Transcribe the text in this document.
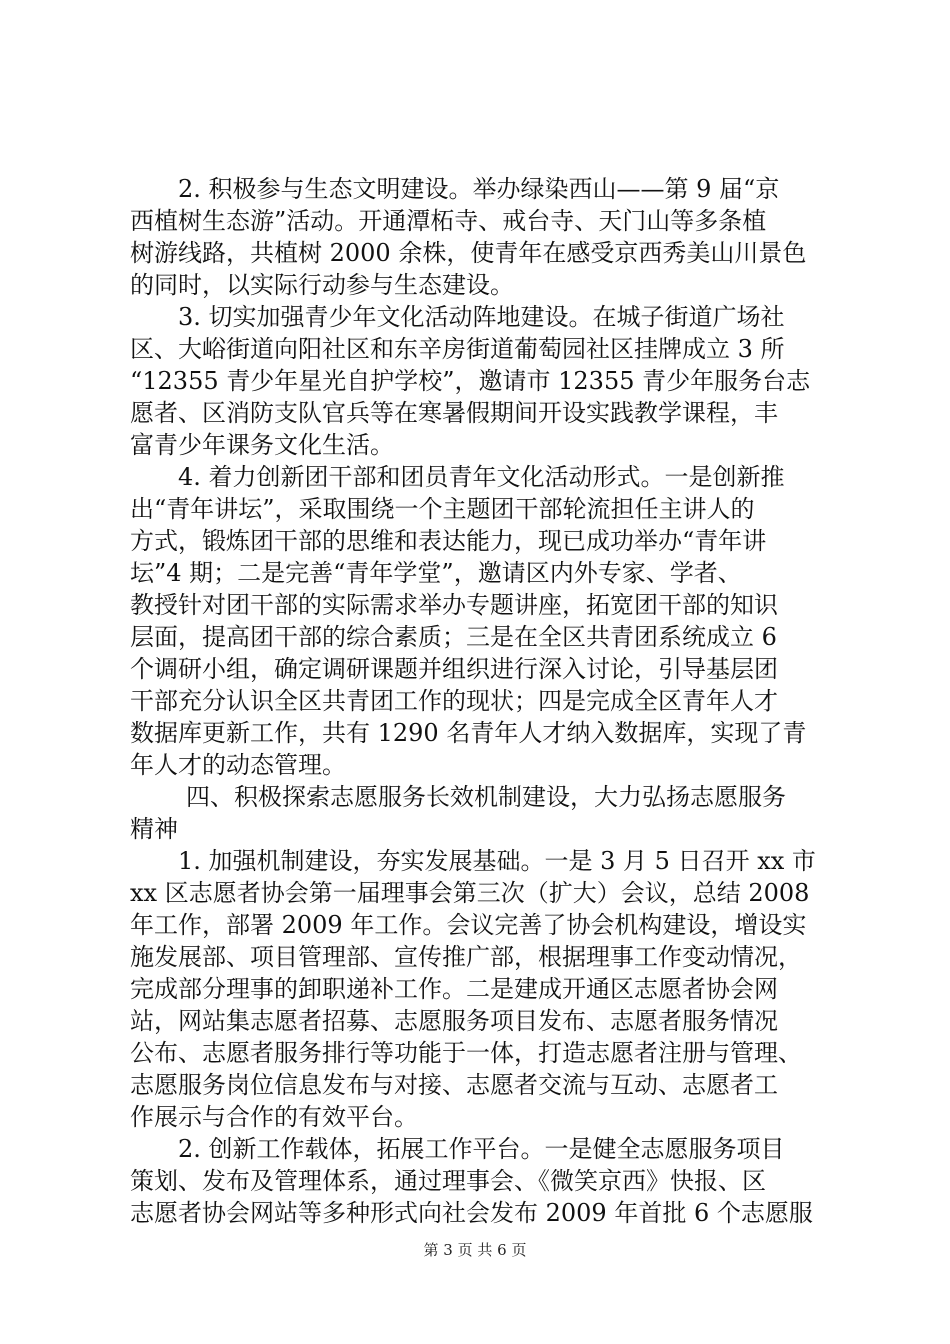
2. 积极参与生态文明建设。举办绿染西山——第 9 届“京
西植树生态游”活动。开通潭柘寺、戒台寺、天门山等多条植
树游线路，共植树 2000 余株，使青年在感受京西秀美山川景色
的同时，以实际行动参与生态建设。
3. 切实加强青少年文化活动阵地建设。在城子街道广场社
区、大峪街道向阳社区和东辛房街道葡萄园社区挂牌成立 3 所
“12355 青少年星光自护学校”，邀请市 12355 青少年服务台志
愿者、区消防支队官兵等在寒暑假期间开设实践教学课程，丰
富青少年课务文化生活。
4. 着力创新团干部和团员青年文化活动形式。一是创新推
出“青年讲坛”，采取围绕一个主题团干部轮流担任主讲人的
方式，锻炼团干部的思维和表达能力，现已成功举办“青年讲
坛”4 期；二是完善“青年学堂”，邀请区内外专家、学者、
教授针对团干部的实际需求举办专题讲座，拓宽团干部的知识
层面，提高团干部的综合素质；三是在全区共青团系统成立 6
个调研小组，确定调研课题并组织进行深入讨论，引导基层团
干部充分认识全区共青团工作的现状；四是完成全区青年人才
数据库更新工作，共有 1290 名青年人才纳入数据库，实现了青
年人才的动态管理。
四、积极探索志愿服务长效机制建设，大力弘扬志愿服务
精神
1. 加强机制建设，夯实发展基础。一是 3 月 5 日召开 xx 市
xx 区志愿者协会第一届理事会第三次（扩大）会议，总结 2008
年工作，部署 2009 年工作。会议完善了协会机构建设，增设实
施发展部、项目管理部、宣传推广部，根据理事工作变动情况，
完成部分理事的卸职递补工作。二是建成开通区志愿者协会网
站，网站集志愿者招募、志愿服务项目发布、志愿者服务情况
公布、志愿者服务排行等功能于一体，打造志愿者注册与管理、
志愿服务岗位信息发布与对接、志愿者交流与互动、志愿者工
作展示与合作的有效平台。
2. 创新工作载体，拓展工作平台。一是健全志愿服务项目
策划、发布及管理体系，通过理事会、《微笑京西》快报、区
志愿者协会网站等多种形式向社会发布 2009 年首批 6 个志愿服
第 3 页 共 6 页
